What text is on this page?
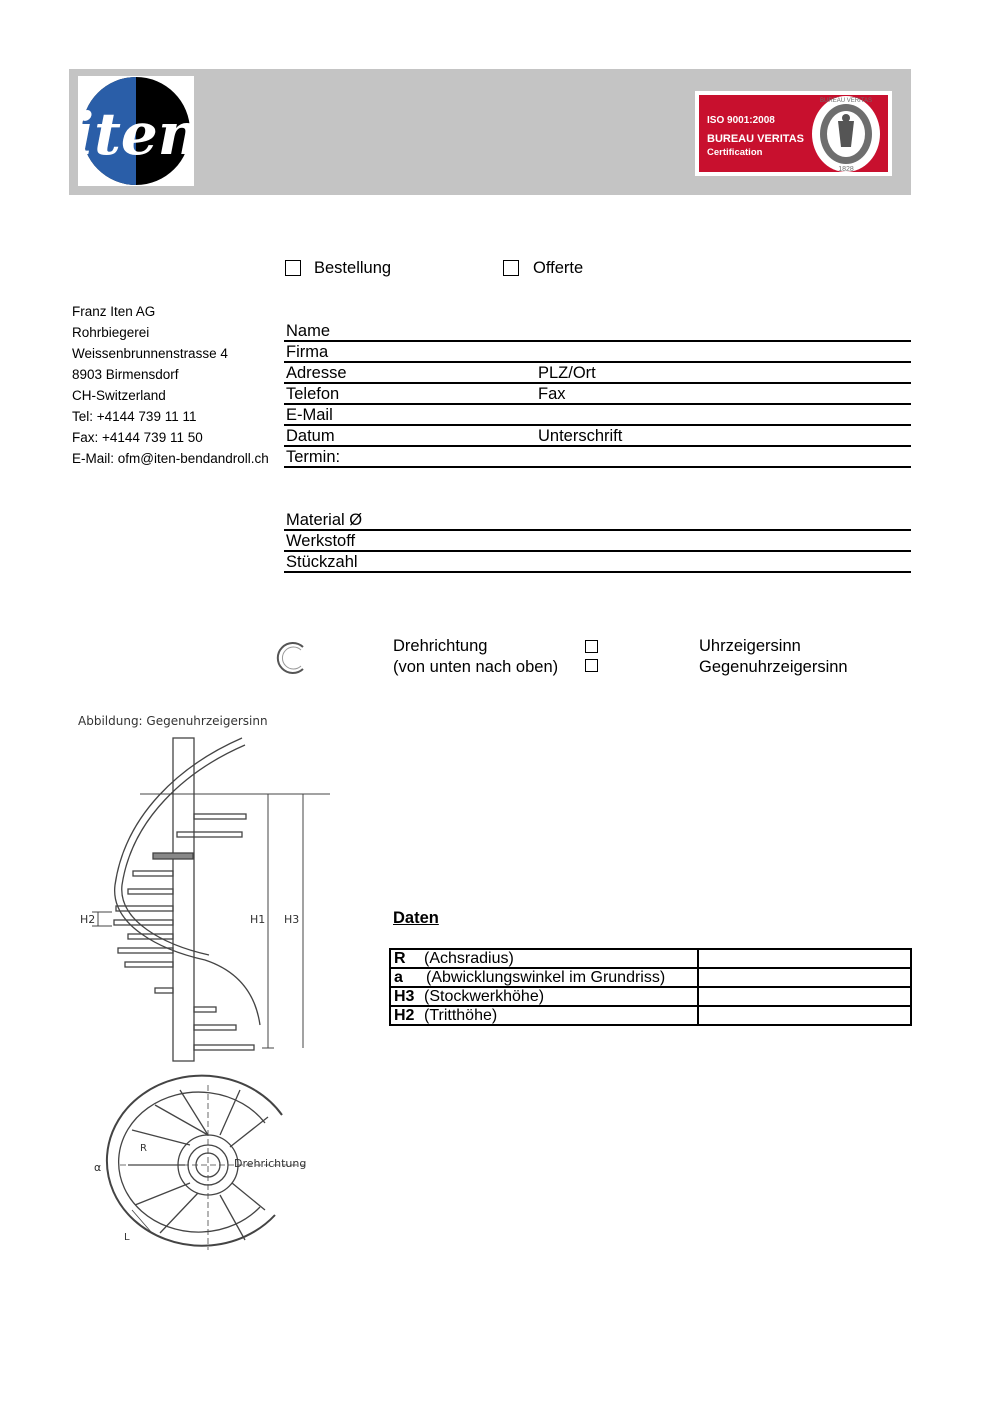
iten	ISO 9001:2008
BUREAU VERITAS
Certification
BUREAU VERITAS
1828
Bestellung	Offerte
Franz Iten AG
Rohrbiegerei
Weissenbrunnenstrasse 4
8903 Birmensdorf
CH-Switzerland
Tel: +4144 739 11 11
Fax: +4144 739 11 50
E-Mail: ofm@iten-bendandroll.ch
Name
Firma
Adresse	PLZ/Ort
Telefon	Fax
E-Mail
Datum	Unterschrift
Termin:
Material Ø
Werkstoff
Stückzahl
Drehrichtung
(von unten nach oben)
Uhrzeigersinn
Gegenuhrzeigersinn
Abbildung: Gegenuhrzeigersinn
H1 H3
H2
Drehrichtung
R
α
L
Daten
R (Achsradius)	
a (Abwicklungswinkel im Grundriss)	
H3 (Stockwerkhöhe)	
H2 (Tritthöhe)	
